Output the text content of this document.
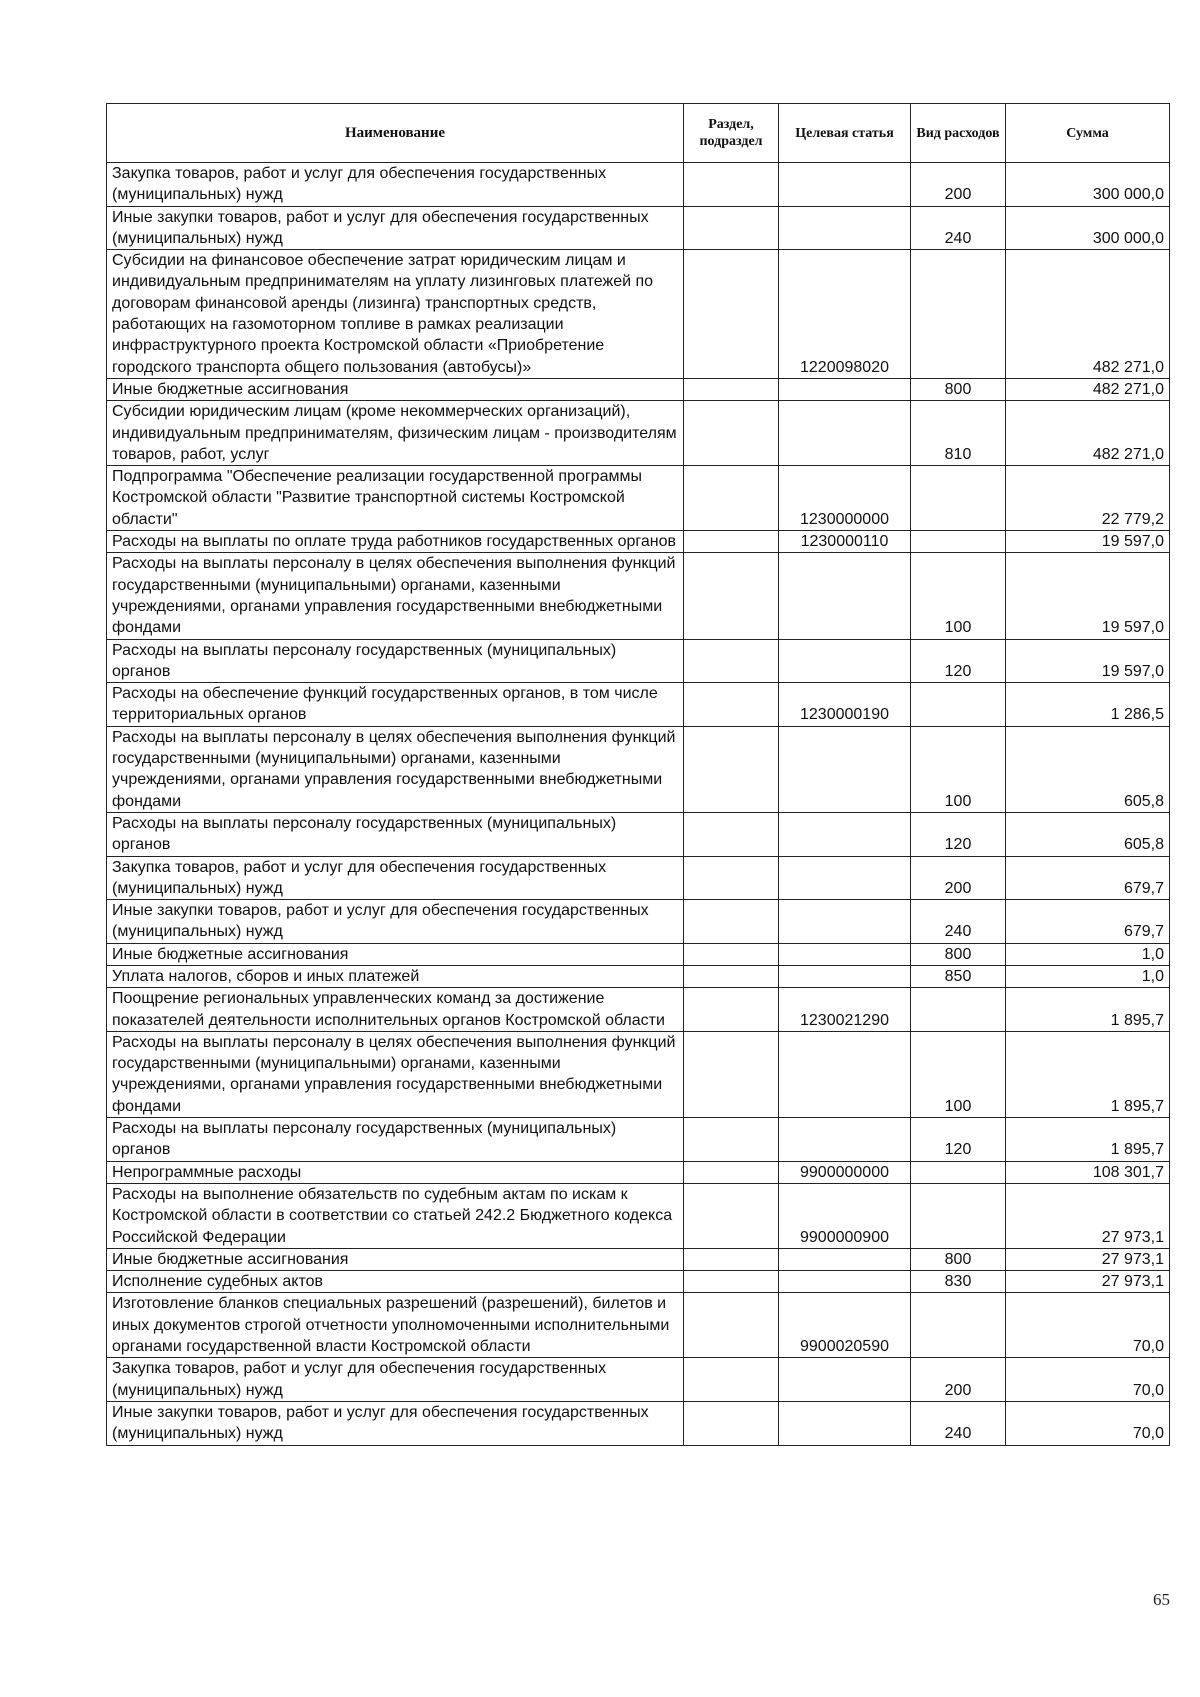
Наименование	Раздел, подраздел	Целевая статья	Вид расходов	Сумма
Закупка товаров, работ и услуг для обеспечения государственных (муниципальных) нужд			200	300 000,0
Иные закупки товаров, работ и услуг для обеспечения государственных (муниципальных) нужд			240	300 000,0
Субсидии на финансовое обеспечение затрат юридическим лицам и индивидуальным предпринимателям на уплату лизинговых платежей по договорам финансовой аренды (лизинга) транспортных средств, работающих на газомоторном топливе в рамках реализации инфраструктурного проекта Костромской области «Приобретение городского транспорта общего пользования (автобусы)»		1220098020		482 271,0
Иные бюджетные ассигнования			800	482 271,0
Субсидии юридическим лицам (кроме некоммерческих организаций), индивидуальным предпринимателям, физическим лицам - производителям товаров, работ, услуг			810	482 271,0
Подпрограмма "Обеспечение реализации государственной программы Костромской области "Развитие транспортной системы Костромской области"		1230000000		22 779,2
Расходы на выплаты по оплате труда работников государственных органов		1230000110		19 597,0
Расходы на выплаты персоналу в целях обеспечения выполнения функций государственными (муниципальными) органами, казенными учреждениями, органами управления государственными внебюджетными фондами			100	19 597,0
Расходы на выплаты персоналу государственных (муниципальных) органов			120	19 597,0
Расходы на обеспечение функций государственных органов, в том числе территориальных органов		1230000190		1 286,5
Расходы на выплаты персоналу в целях обеспечения выполнения функций государственными (муниципальными) органами, казенными учреждениями, органами управления государственными внебюджетными фондами			100	605,8
Расходы на выплаты персоналу государственных (муниципальных) органов			120	605,8
Закупка товаров, работ и услуг для обеспечения государственных (муниципальных) нужд			200	679,7
Иные закупки товаров, работ и услуг для обеспечения государственных (муниципальных) нужд			240	679,7
Иные бюджетные ассигнования			800	1,0
Уплата налогов, сборов и иных платежей			850	1,0
Поощрение региональных управленческих команд за достижение показателей деятельности исполнительных органов Костромской области		1230021290		1 895,7
Расходы на выплаты персоналу в целях обеспечения выполнения функций государственными (муниципальными) органами, казенными учреждениями, органами управления государственными внебюджетными фондами			100	1 895,7
Расходы на выплаты персоналу государственных (муниципальных) органов			120	1 895,7
Непрограммные расходы		9900000000		108 301,7
Расходы на выполнение обязательств по судебным актам по искам к Костромской области в соответствии со статьей 242.2 Бюджетного кодекса Российской Федерации		9900000900		27 973,1
Иные бюджетные ассигнования			800	27 973,1
Исполнение судебных актов			830	27 973,1
Изготовление бланков специальных разрешений (разрешений), билетов и иных документов строгой отчетности уполномоченными исполнительными органами государственной власти Костромской области		9900020590		70,0
Закупка товаров, работ и услуг для обеспечения государственных (муниципальных) нужд			200	70,0
Иные закупки товаров, работ и услуг для обеспечения государственных (муниципальных) нужд			240	70,0
65
